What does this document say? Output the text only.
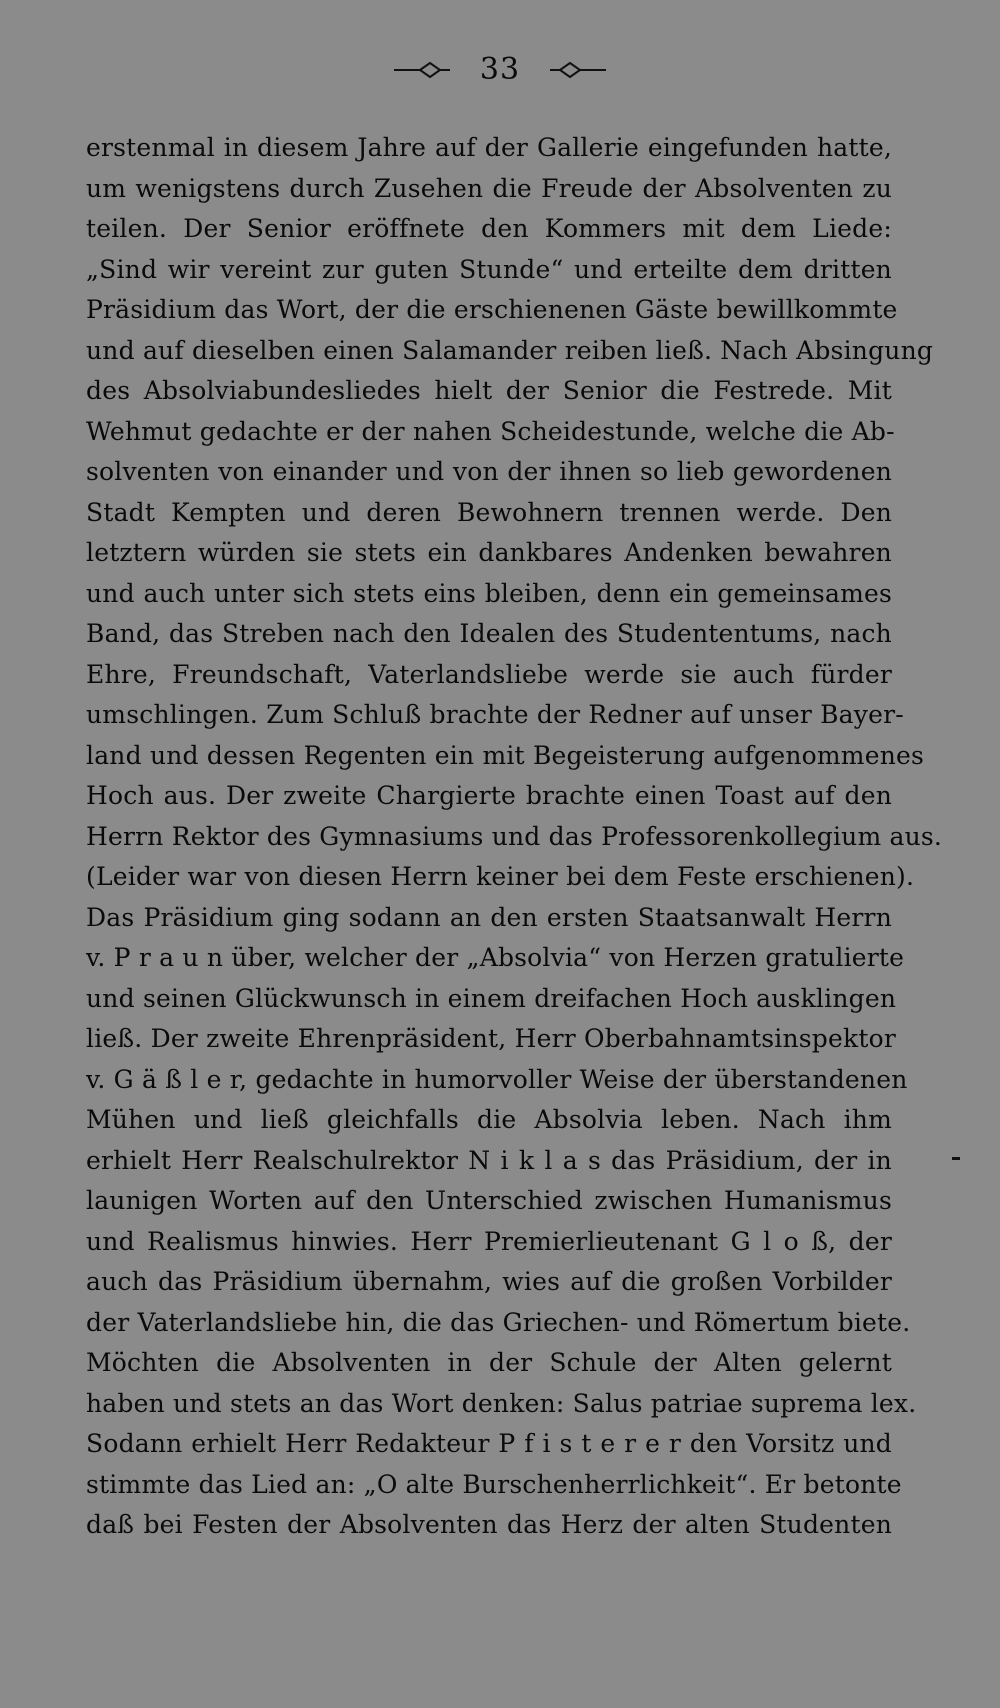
33
erstenmal in diesem Jahre auf der Gallerie eingefunden hatte,
um wenigstens durch Zusehen die Freude der Absolventen zu
teilen. Der Senior eröffnete den Kommers mit dem Liede:
„Sind wir vereint zur guten Stunde“ und erteilte dem dritten
Präsidium das Wort, der die erschienenen Gäste bewillkommte
und auf dieselben einen Salamander reiben ließ. Nach Absingung
des Absolviabundesliedes hielt der Senior die Festrede. Mit
Wehmut gedachte er der nahen Scheidestunde, welche die Ab-
solventen von einander und von der ihnen so lieb gewordenen
Stadt Kempten und deren Bewohnern trennen werde. Den
letztern würden sie stets ein dankbares Andenken bewahren
und auch unter sich stets eins bleiben, denn ein gemeinsames
Band, das Streben nach den Idealen des Studententums, nach
Ehre, Freundschaft, Vaterlandsliebe werde sie auch fürder
umschlingen. Zum Schluß brachte der Redner auf unser Bayer-
land und dessen Regenten ein mit Begeisterung aufgenommenes
Hoch aus. Der zweite Chargierte brachte einen Toast auf den
Herrn Rektor des Gymnasiums und das Professorenkollegium aus.
(Leider war von diesen Herrn keiner bei dem Feste erschienen).
Das Präsidium ging sodann an den ersten Staatsanwalt Herrn
v. P r a u n über, welcher der „Absolvia“ von Herzen gratulierte
und seinen Glückwunsch in einem dreifachen Hoch ausklingen
ließ. Der zweite Ehrenpräsident, Herr Oberbahnamtsinspektor
v. G ä ß l e r, gedachte in humorvoller Weise der überstandenen
Mühen und ließ gleichfalls die Absolvia leben. Nach ihm
erhielt Herr Realschulrektor N i k l a s das Präsidium, der in
launigen Worten auf den Unterschied zwischen Humanismus
und Realismus hinwies. Herr Premierlieutenant G l o ß, der
auch das Präsidium übernahm, wies auf die großen Vorbilder
der Vaterlandsliebe hin, die das Griechen- und Römertum biete.
Möchten die Absolventen in der Schule der Alten gelernt
haben und stets an das Wort denken: Salus patriae suprema lex.
Sodann erhielt Herr Redakteur P f i s t e r e r den Vorsitz und
stimmte das Lied an: „O alte Burschenherrlichkeit“. Er betonte
daß bei Festen der Absolventen das Herz der alten Studenten
